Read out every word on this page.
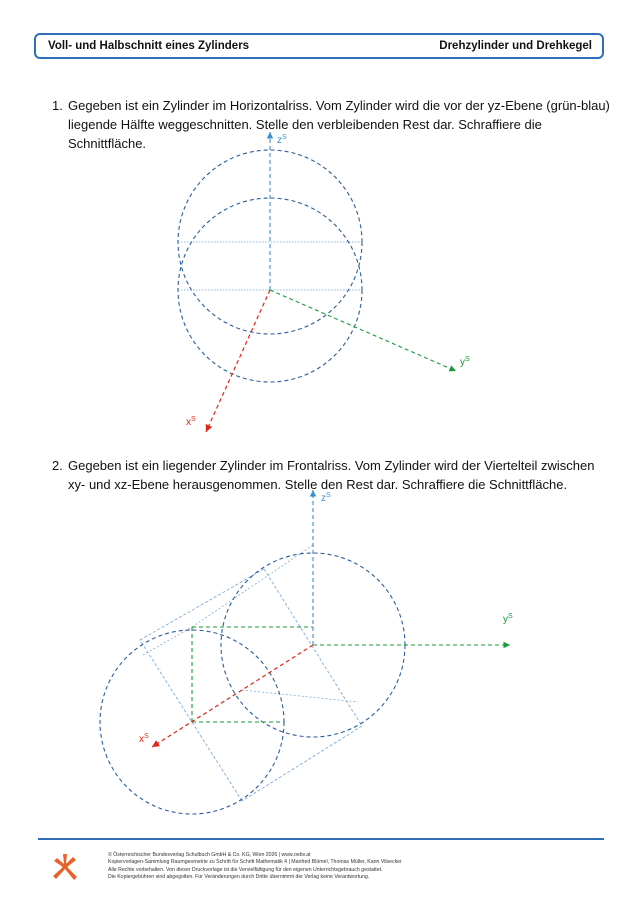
Voll- und Halbschnitt eines Zylinders	Drehzylinder und Drehkegel
1. Gegeben ist ein Zylinder im Horizontalriss. Vom Zylinder wird die vor der yz-Ebene (grün-blau) liegende Hälfte weggeschnitten. Stelle den verbleibenden Rest dar. Schraffiere die Schnittfläche.
2. Gegeben ist ein liegender Zylinder im Frontalriss. Vom Zylinder wird der Viertelteil zwischen xy- und xz-Ebene herausgenommen. Stelle den Rest dar. Schraffiere die Schnittfläche.
$z^S$
$y^S$
$x^S$
$z^S$
$y^S$
$x^S$
© Österreichischer Bundesverlag Schulbuch GmbH & Co. KG, Wien 2026 | www.oebv.at
Kopiervorlagen-Sammlung Raumgeometrie zu Schritt für Schritt Mathematik 4 | Manfred Blümel, Thomas Müller, Karin Vilsecker
Alle Rechte vorbehalten. Von dieser Druckvorlage ist die Vervielfältigung für den eigenen Unterrichtsgebrauch gestattet.
Die Kopiergebühren sind abgegolten. Für Veränderungen durch Dritte übernimmt der Verlag keine Verantwortung.
